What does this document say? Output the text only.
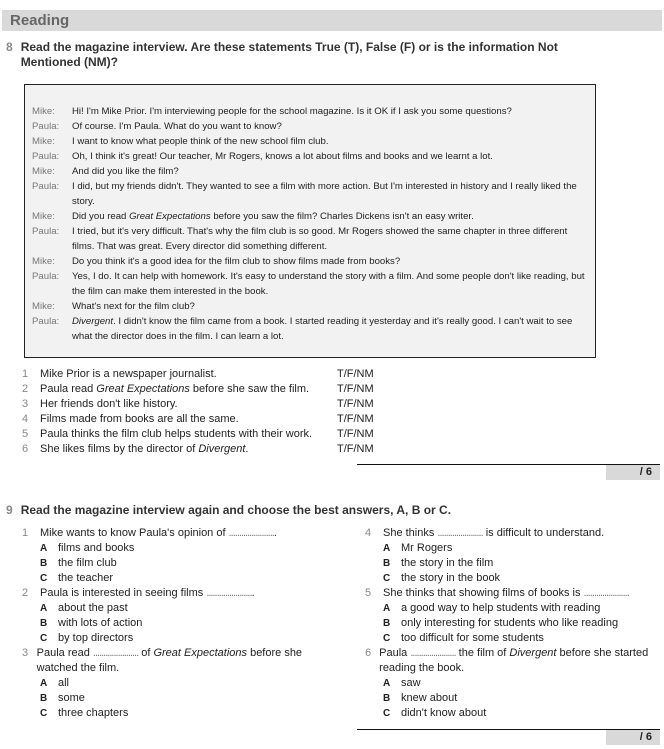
Reading
8 Read the magazine interview. Are these statements True (T), False (F) or is the information Not Mentioned (NM)?
Mike:	Hi! I'm Mike Prior. I'm interviewing people for the school magazine. Is it OK if I ask you some questions?
Paula:	Of course. I'm Paula. What do you want to know?
Mike:	I want to know what people think of the new school film club.
Paula:	Oh, I think it's great! Our teacher, Mr Rogers, knows a lot about films and books and we learnt a lot.
Mike:	And did you like the film?
Paula:	I did, but my friends didn't. They wanted to see a film with more action. But I'm interested in history and I really liked the story.
Mike:	Did you read Great Expectations before you saw the film? Charles Dickens isn't an easy writer.
Paula:	I tried, but it's very difficult. That's why the film club is so good. Mr Rogers showed the same chapter in three different films. That was great. Every director did something different.
Mike:	Do you think it's a good idea for the film club to show films made from books?
Paula:	Yes, I do. It can help with homework. It's easy to understand the story with a film. And some people don't like reading, but the film can make them interested in the book.
Mike:	What's next for the film club?
Paula:	Divergent. I didn't know the film came from a book. I started reading it yesterday and it's really good. I can't wait to see what the director does in the film. I can learn a lot.
1	Mike Prior is a newspaper journalist.	T/F/NM
2	Paula read Great Expectations before she saw the film.	T/F/NM
3	Her friends don't like history.	T/F/NM
4	Films made from books are all the same.	T/F/NM
5	Paula thinks the film club helps students with their work.	T/F/NM
6	She likes films by the director of Divergent.	T/F/NM
/ 6
9 Read the magazine interview again and choose the best answers, A, B or C.
1	Mike wants to know Paula's opinion of .......................
A films and books
B the film club
C the teacher
2	Paula is interested in seeing films .......................
A about the past
B with lots of action
C by top directors
3 Paula read ...................... of Great Expectations before she watched the film.
A all
B some
C three chapters
4	She thinks ...................... is difficult to understand.
A Mr Rogers
B the story in the film
C the story in the book
5	She thinks that showing films of books is ......................
A a good way to help students with reading
B only interesting for students who like reading
C too difficult for some students
6 Paula ...................... the film of Divergent before she started reading the book.
A saw
B knew about
C didn't know about
/ 6
